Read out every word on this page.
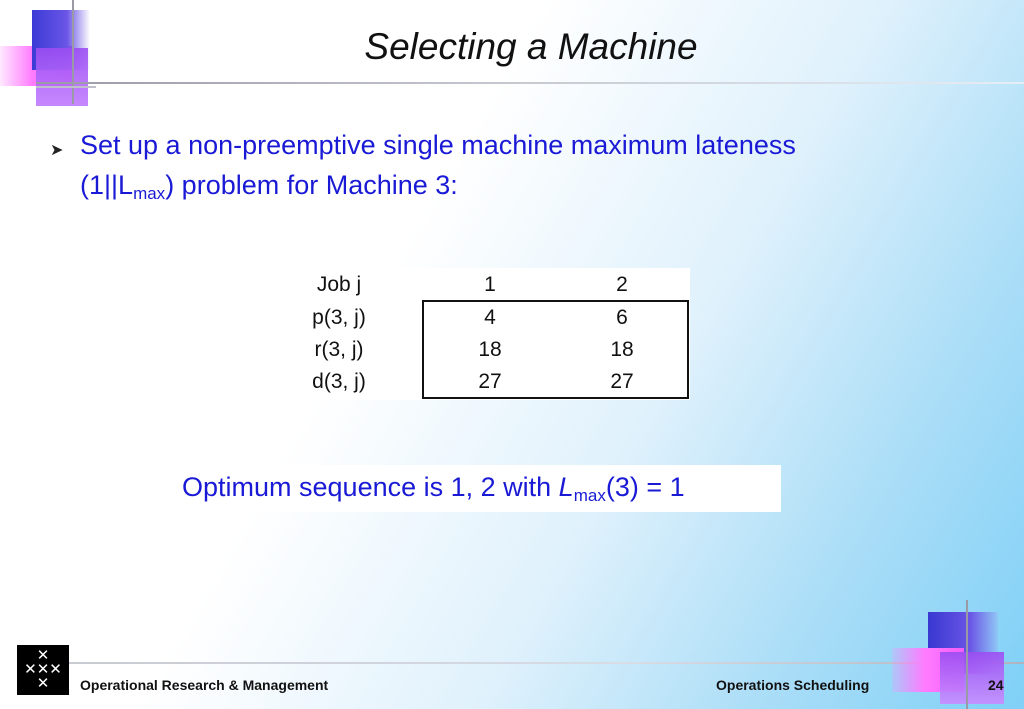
Selecting a Machine
➤ Set up a non-preemptive single machine maximum lateness
$(1||L_{max})$ problem for Machine 3:
Job j	1	2
p(3, j)	4	6
r(3, j)	18	18
d(3, j)	27	27
Optimum sequence is 1, 2 with $L_{max}(3) = 1$
✕
✕✕✕
✕	Operational Research & Management	Operations Scheduling	24
